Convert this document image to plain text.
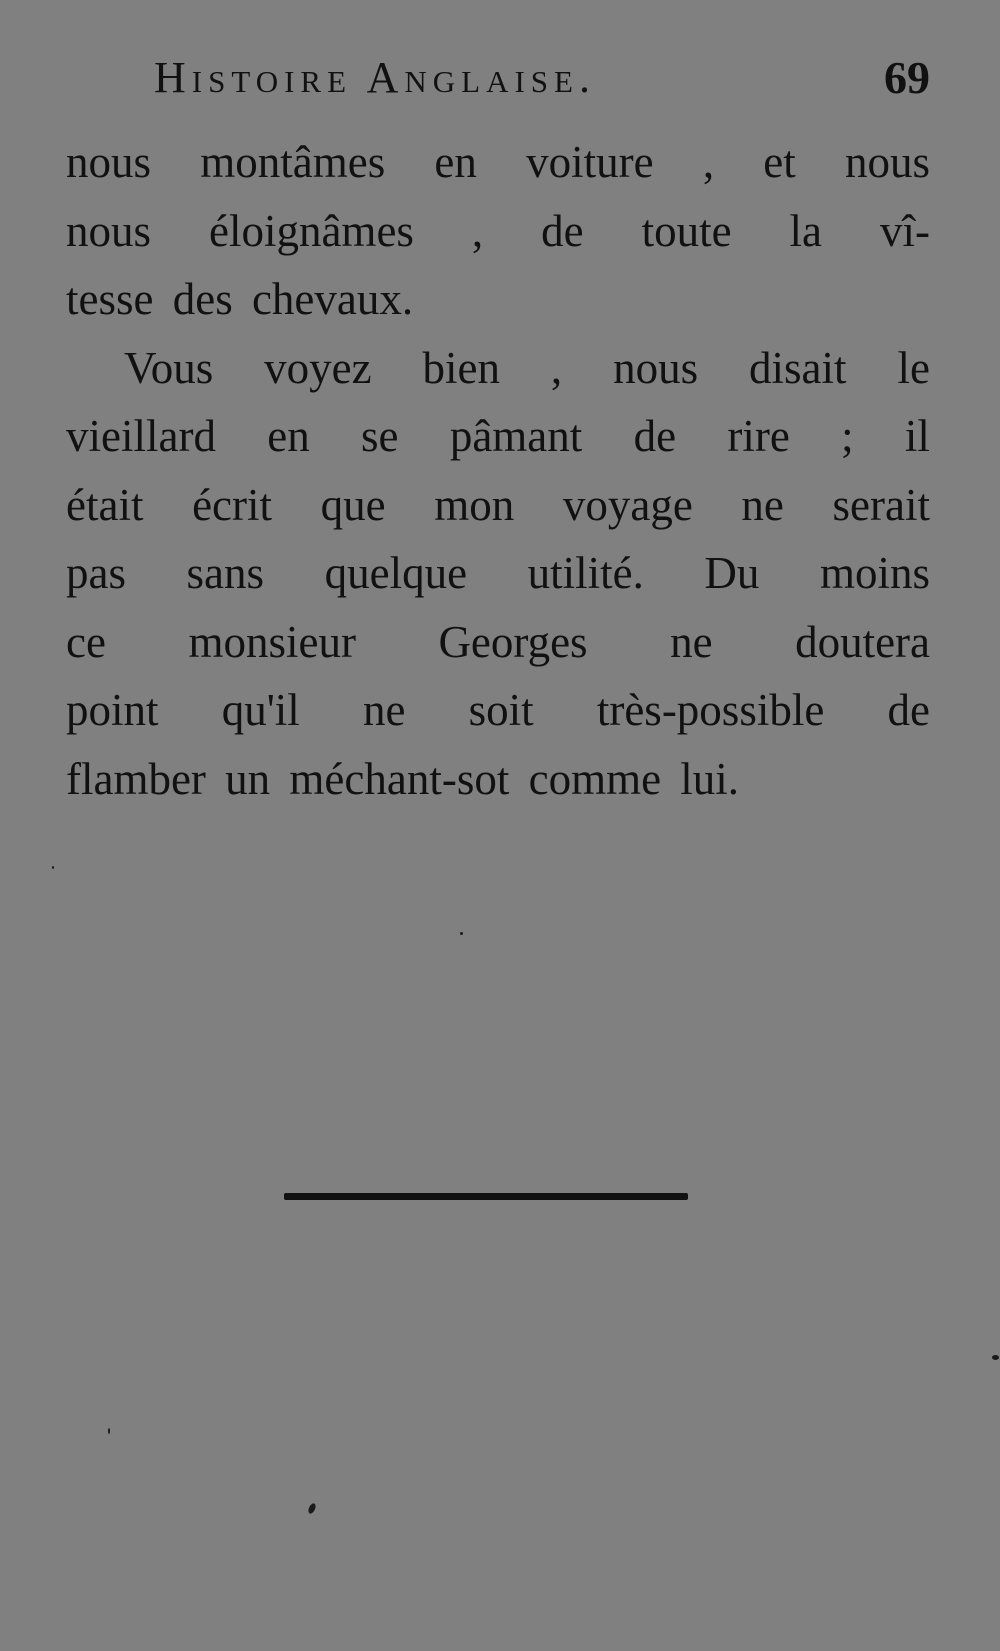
Histoire Anglaise.	69
nous montâmes en voiture , et nous
nous éloignâmes , de toute la vî-
tesse des chevaux.
Vous voyez bien , nous disait le
vieillard en se pâmant de rire ; il
était écrit que mon voyage ne serait
pas sans quelque utilité. Du moins
ce monsieur Georges ne doutera
point qu'il ne soit très-possible de
flamber un méchant-sot comme lui.
